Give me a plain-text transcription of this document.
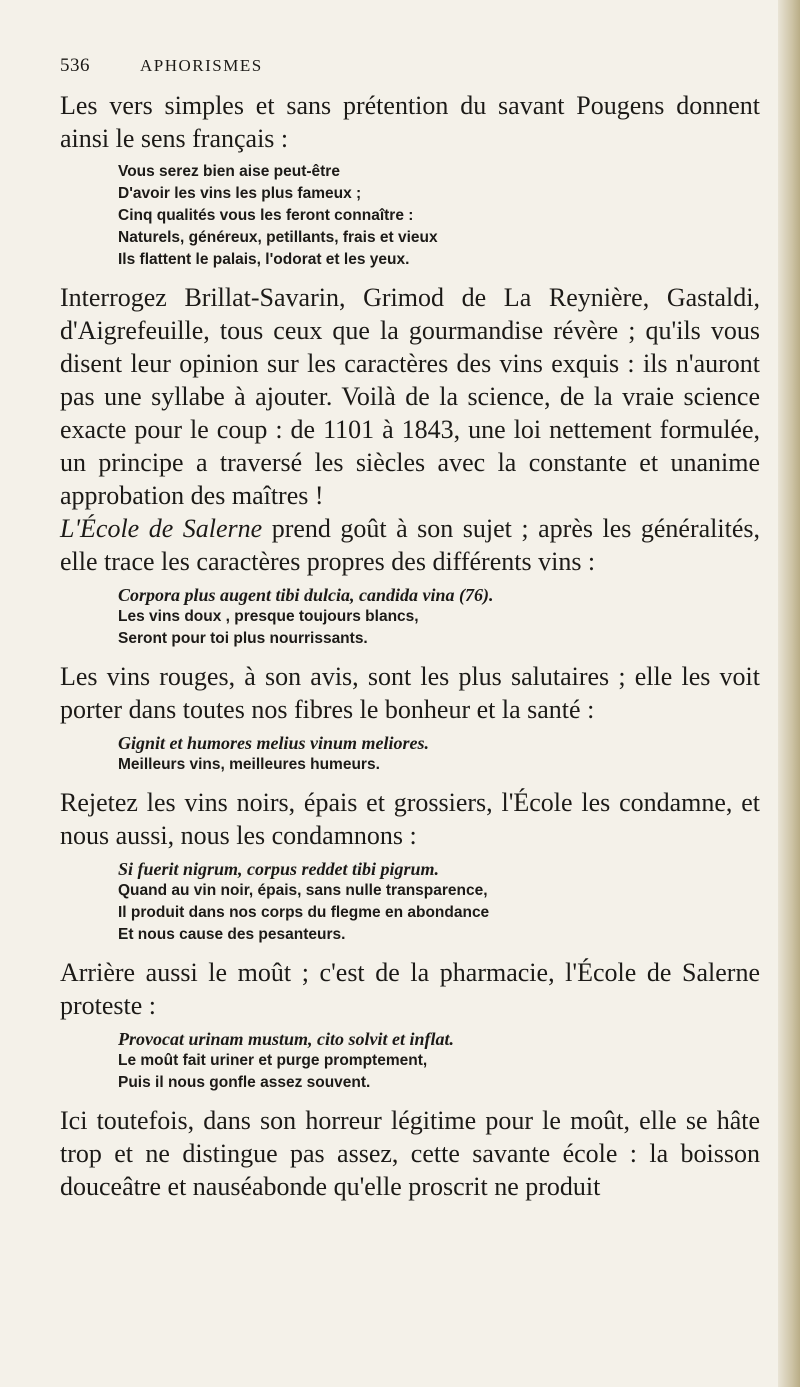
536	APHORISMES

Les vers simples et sans prétention du savant Pougens donnent ainsi le sens français :

Vous serez bien aise peut-être
D'avoir les vins les plus fameux ;
Cinq qualités vous les feront connaître :
Naturels, généreux, petillants, frais et vieux
Ils flattent le palais, l'odorat et les yeux.

Interrogez Brillat-Savarin, Grimod de La Reynière, Gastaldi, d'Aigrefeuille, tous ceux que la gourmandise révère ; qu'ils vous disent leur opinion sur les caractères des vins exquis : ils n'auront pas une syllabe à ajouter. Voilà de la science, de la vraie science exacte pour le coup : de 1101 à 1843, une loi nettement formulée, un principe a traversé les siècles avec la constante et unanime approbation des maîtres !

L'École de Salerne prend goût à son sujet ; après les généralités, elle trace les caractères propres des différents vins :

Corpora plus augent tibi dulcia, candida vina (76).
Les vins doux , presque toujours blancs,
Seront pour toi plus nourrissants.

Les vins rouges, à son avis, sont les plus salutaires ; elle les voit porter dans toutes nos fibres le bonheur et la santé :

Gignit et humores melius vinum meliores.
Meilleurs vins, meilleures humeurs.

Rejetez les vins noirs, épais et grossiers, l'École les condamne, et nous aussi, nous les condamnons :

Si fuerit nigrum, corpus reddet tibi pigrum.
Quand au vin noir, épais, sans nulle transparence,
Il produit dans nos corps du flegme en abondance
Et nous cause des pesanteurs.

Arrière aussi le moût ; c'est de la pharmacie, l'École de Salerne proteste :

Provocat urinam mustum, cito solvit et inflat.
Le moût fait uriner et purge promptement,
Puis il nous gonfle assez souvent.

Ici toutefois, dans son horreur légitime pour le moût, elle se hâte trop et ne distingue pas assez, cette savante école : la boisson douceâtre et nauséabonde qu'elle proscrit ne produit
